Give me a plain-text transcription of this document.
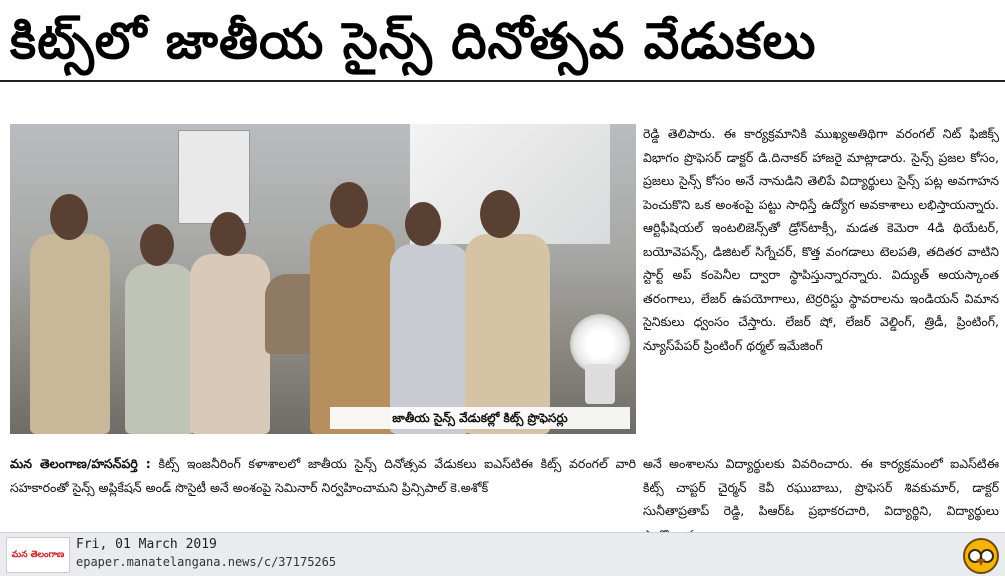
కిట్స్‌లో జాతీయ సైన్స్ దినోత్సవ వేడుకలు
జాతీయ సైన్స్ వేడుకల్లో కిట్స్ ప్రొఫెసర్లు
రెడ్డి తెలిపారు. ఈ కార్యక్రమానికి ముఖ్యఅతిథిగా వరంగల్ నిట్ ఫిజిక్స్ విభాగం ప్రొఫెసర్ డాక్టర్ డి.దినాకర్ హాజరై మాట్లాడారు. సైన్స్ ప్రజల కోసం, ప్రజలు సైన్స్ కోసం అనే నానుడిని తెలిపే విద్యార్థులు సైన్స్ పట్ల అవగాహన పెంచుకొని ఒక అంశంపై పట్టు సాధిస్తే ఉద్యోగ అవకాశాలు లభిస్తాయన్నారు. ఆర్టిఫీషియల్ ఇంటలిజెన్స్‌తో డ్రోన్‌టాక్సీ, మడత కెమెరా 4డి థియేటర్, బయోవెపన్స్, డిజిటల్ సిగ్నేచర్, కొత్త వంగడాలు టెలపతి, తదితర వాటిని స్టార్ట్ అప్ కంపెనీల ద్వారా స్థాపిస్తున్నారన్నారు. విద్యుత్ అయస్కాంత తరంగాలు, లేజర్ ఉపయోగాలు, టెర్రరిస్టు స్థావరాలను ఇండియన్ విమాన సైనికులు ధ్వంసం చేస్తారు. లేజర్ షో, లేజర్ వెల్డింగ్, త్రిడీ, ప్రింటింగ్, న్యూస్‌పేపర్ ప్రింటింగ్ థర్మల్ ఇమేజింగ్
మన తెలంగాణ/హసన్‌పర్తి : కిట్స్ ఇంజనీరింగ్ కళాశాలలో జాతీయ సైన్స్ దినోత్సవ వేడుకలు ఐఎస్‌టిఈ కిట్స్ వరంగల్ వారి సహకారంతో సైన్స్ అప్లికేషన్ అండ్ సొసైటీ అనే అంశంపై సెమినార్ నిర్వహించామని ప్రిన్సిపాల్ కె.అశోక్
అనే అంశాలను విద్యార్థులకు వివరించారు. ఈ కార్యక్రమంలో ఐఎస్‌టిఈ కిట్స్ చాప్టర్ చైర్మన్ కెవీ రఘుబాబు, ప్రొఫెసర్ శివకుమార్, డాక్టర్ సునీతాప్రతాప్ రెడ్డి, పిఆర్ఓ ప్రభాకరచారి, విద్యార్థిని, విద్యార్థులు
మన తెలంగాణ
Fri, 01 March 2019
epaper.manatelangana.news/c/37175265
